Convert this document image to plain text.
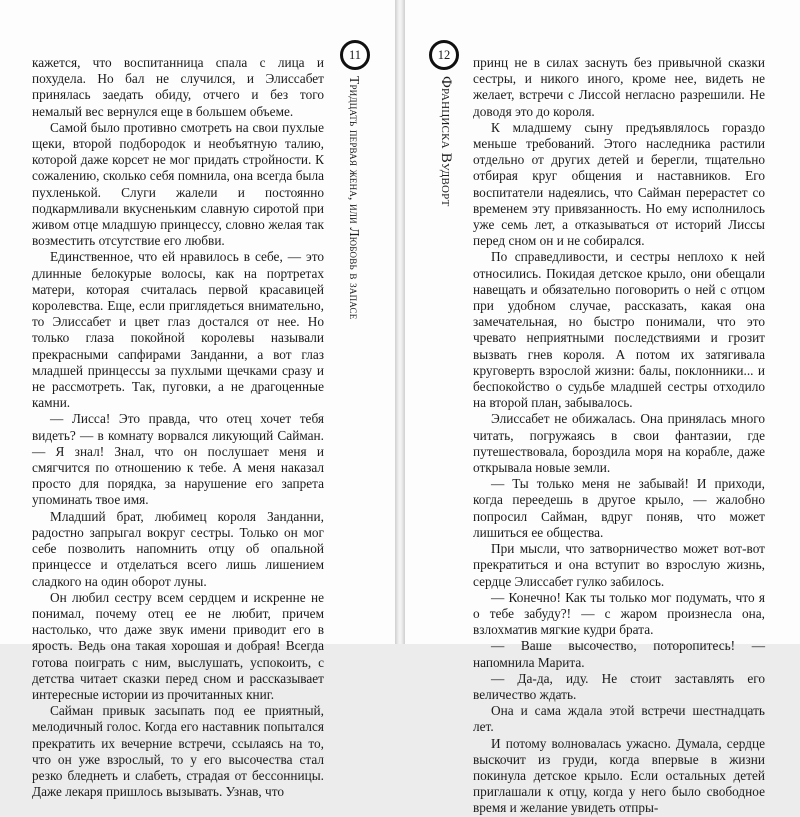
11
Тридцать первая жена, или Любовь в запасе

кажется, что воспитанница спала с лица и похудела. Но бал не случился, и Элиссабет принялась заедать обиду, отчего и без того немалый вес вернулся еще в большем объеме.

Самой было противно смотреть на свои пухлые щеки, второй подбородок и необъятную талию, которой даже корсет не мог придать стройности. К сожалению, сколько себя помнила, она всегда была пухленькой. Слуги жалели и постоянно подкармливали вкусненьким славную сиротой при живом отце младшую принцессу, словно желая так возместить отсутствие его любви.

Единственное, что ей нравилось в себе, — это длинные белокурые волосы, как на портретах матери, которая считалась первой красавицей королевства. Еще, если приглядеться внимательно, то Элиссабет и цвет глаз достался от нее. Но только глаза покойной королевы называли прекрасными сапфирами Занданни, а вот глаз младшей принцессы за пухлыми щечками сразу и не рассмотреть. Так, пуговки, а не драгоценные камни.

— Лисса! Это правда, что отец хочет тебя видеть? — в комнату ворвался ликующий Сайман. — Я знал! Знал, что он послушает меня и смягчится по отношению к тебе. А меня наказал просто для порядка, за нарушение его запрета упоминать твое имя.

Младший брат, любимец короля Занданни, радостно запрыгал вокруг сестры. Только он мог себе позволить напомнить отцу об опальной принцессе и отделаться всего лишь лишением сладкого на один оборот луны.

Он любил сестру всем сердцем и искренне не понимал, почему отец ее не любит, причем настолько, что даже звук имени приводит его в ярость. Ведь она такая хорошая и добрая! Всегда готова поиграть с ним, выслушать, успокоить, с детства читает сказки перед сном и рассказывает интересные истории из прочитанных книг.

Сайман привык засыпать под ее приятный, мелодичный голос. Когда его наставник попытался прекратить их вечерние встречи, ссылаясь на то, что он уже взрослый, то у его высочества стал резко бледнеть и слабеть, страдая от бессонницы. Даже лекаря пришлось вызывать. Узнав, что

12
Франциска Вудворт

принц не в силах заснуть без привычной сказки сестры, и никого иного, кроме нее, видеть не желает, встречи с Лиссой негласно разрешили. Не доводя это до короля.

К младшему сыну предъявлялось гораздо меньше требований. Этого наследника растили отдельно от других детей и берегли, тщательно отбирая круг общения и наставников. Его воспитатели надеялись, что Сайман перерастет со временем эту привязанность. Но ему исполнилось уже семь лет, а отказываться от историй Лиссы перед сном он и не собирался.

По справедливости, и сестры неплохо к ней относились. Покидая детское крыло, они обещали навещать и обязательно поговорить о ней с отцом при удобном случае, рассказать, какая она замечательная, но быстро понимали, что это чревато неприятными последствиями и грозит вызвать гнев короля. А потом их затягивала круговерть взрослой жизни: балы, поклонники... и беспокойство о судьбе младшей сестры отходило на второй план, забывалось.

Элиссабет не обижалась. Она принялась много читать, погружаясь в свои фантазии, где путешествовала, бороздила моря на корабле, даже открывала новые земли.

— Ты только меня не забывай! И приходи, когда переедешь в другое крыло, — жалобно попросил Сайман, вдруг поняв, что может лишиться ее общества.

При мысли, что затворничество может вот-вот прекратиться и она вступит во взрослую жизнь, сердце Элиссабет гулко забилось.

— Конечно! Как ты только мог подумать, что я о тебе забуду?! — с жаром произнесла она, взлохматив мягкие кудри брата.

— Ваше высочество, поторопитесь! — напомнила Марита.

— Да-да, иду. Не стоит заставлять его величество ждать.

Она и сама ждала этой встречи шестнадцать лет.

И потому волновалась ужасно. Думала, сердце выскочит из груди, когда впервые в жизни покинула детское крыло. Если остальных детей приглашали к отцу, когда у него было свободное время и желание увидеть отпры-
